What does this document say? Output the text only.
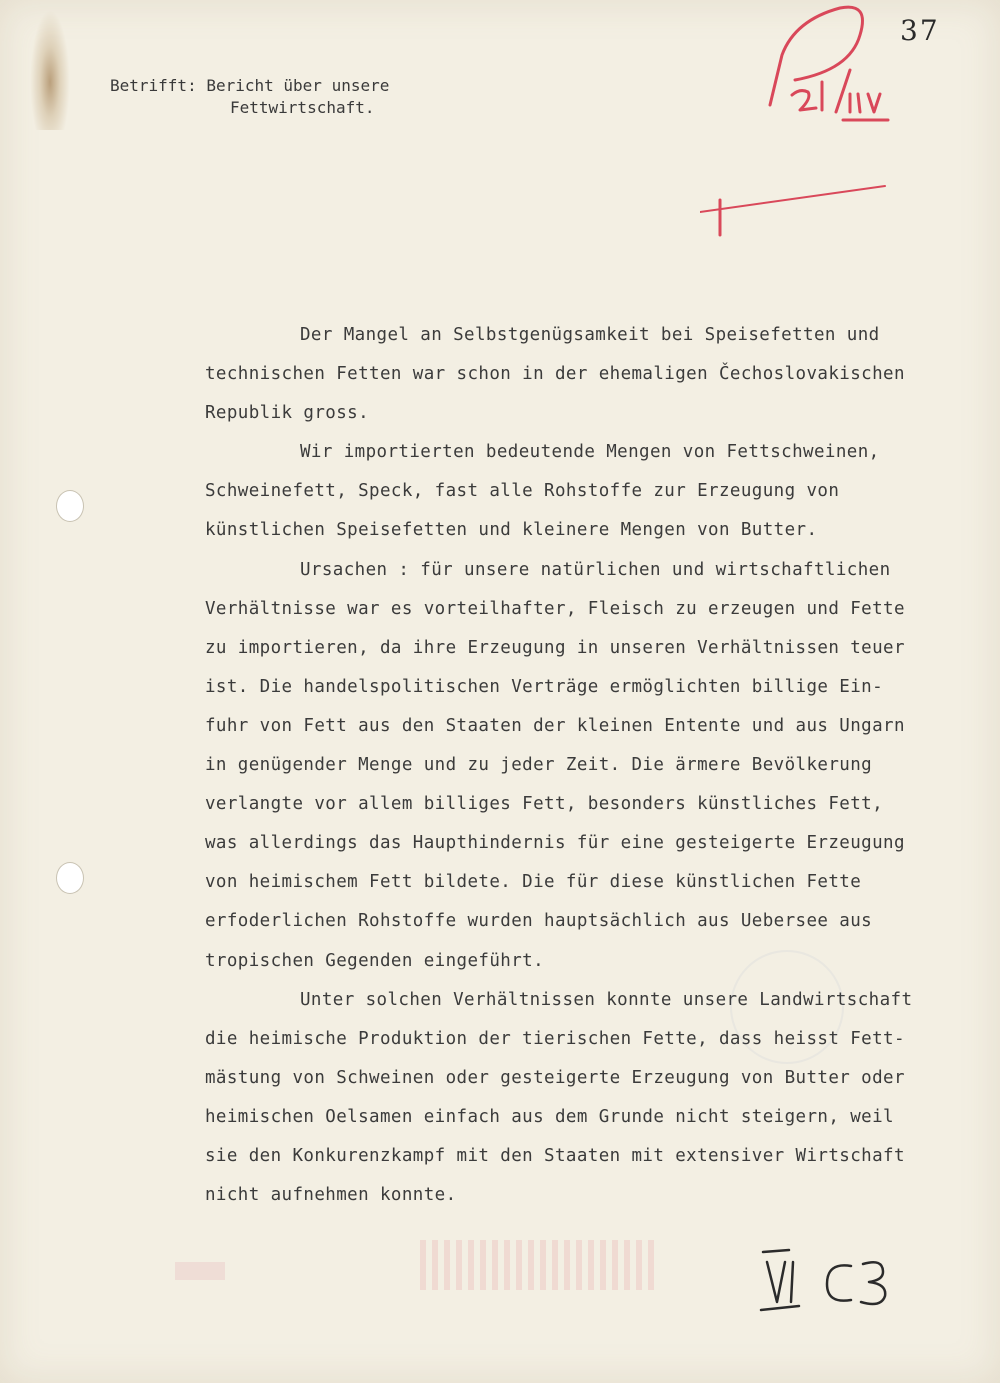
37
Betrifft: Bericht über unsere
Fettwirtschaft.
Der Mangel an Selbstgenügsamkeit bei Speisefetten und
technischen Fetten war schon in der ehemaligen Čechoslovakischen
Republik gross.
Wir importierten bedeutende Mengen von Fettschweinen,
Schweinefett, Speck, fast alle Rohstoffe zur Erzeugung von
künstlichen Speisefetten und kleinere Mengen von Butter.
Ursachen : für unsere natürlichen und wirtschaftlichen
Verhältnisse war es vorteilhafter, Fleisch zu erzeugen und Fette
zu importieren, da ihre Erzeugung in unseren Verhältnissen teuer
ist. Die handelspolitischen Verträge ermöglichten billige Ein-
fuhr von Fett aus den Staaten der kleinen Entente und aus Ungarn
in genügender Menge und zu jeder Zeit. Die ärmere Bevölkerung
verlangte vor allem billiges Fett, besonders künstliches Fett,
was allerdings das Haupthindernis für eine gesteigerte Erzeugung
von heimischem Fett bildete. Die für diese künstlichen Fette
erfoderlichen Rohstoffe wurden hauptsächlich aus Uebersee aus
tropischen Gegenden eingeführt.
Unter solchen Verhältnissen konnte unsere Landwirtschaft
die heimische Produktion der tierischen Fette, dass heisst Fett-
mästung von Schweinen oder gesteigerte Erzeugung von Butter oder
heimischen Oelsamen einfach aus dem Grunde nicht steigern, weil
sie den Konkurenzkampf mit den Staaten mit extensiver Wirtschaft
nicht aufnehmen konnte.
